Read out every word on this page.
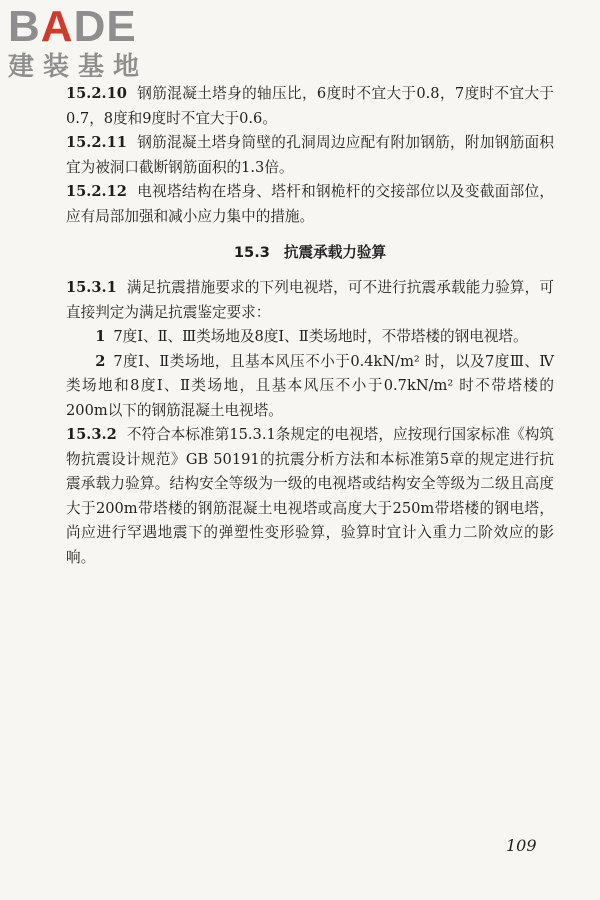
BADE
建装基地

15.2.10 钢筋混凝土塔身的轴压比，6度时不宜大于0.8，7度时不宜大于0.7，8度和9度时不宜大于0.6。

15.2.11 钢筋混凝土塔身筒壁的孔洞周边应配有附加钢筋，附加钢筋面积宜为被洞口截断钢筋面积的1.3倍。

15.2.12 电视塔结构在塔身、塔杆和钢桅杆的交接部位以及变截面部位，应有局部加强和减小应力集中的措施。

15.3 抗震承载力验算

15.3.1 满足抗震措施要求的下列电视塔，可不进行抗震承载能力验算，可直接判定为满足抗震鉴定要求：

1 7度Ⅰ、Ⅱ、Ⅲ类场地及8度Ⅰ、Ⅱ类场地时，不带塔楼的钢电视塔。

2 7度Ⅰ、Ⅱ类场地，且基本风压不小于0.4kN/m² 时，以及7度Ⅲ、Ⅳ类场地和8度Ⅰ、Ⅱ类场地，且基本风压不小于0.7kN/m² 时不带塔楼的200m以下的钢筋混凝土电视塔。

15.3.2 不符合本标准第15.3.1条规定的电视塔，应按现行国家标准《构筑物抗震设计规范》GB 50191的抗震分析方法和本标准第5章的规定进行抗震承载力验算。结构安全等级为一级的电视塔或结构安全等级为二级且高度大于200m带塔楼的钢筋混凝土电视塔或高度大于250m带塔楼的钢电塔，尚应进行罕遇地震下的弹塑性变形验算，验算时宜计入重力二阶效应的影响。

109
